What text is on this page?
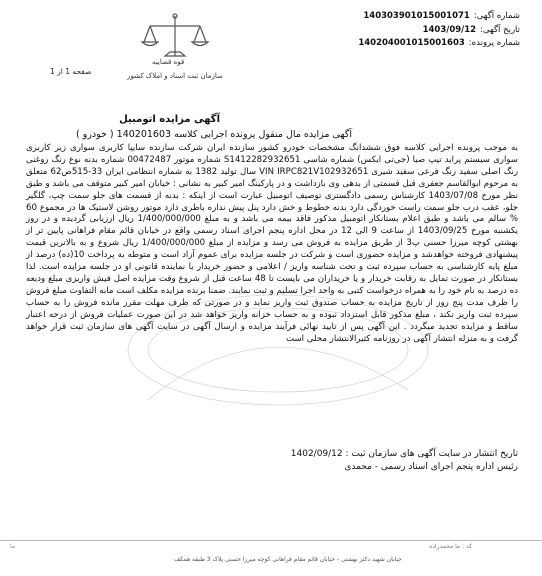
شماره آگهی:
140303901015001071
تاریخ آگهی:
1403/09/12
شماره پرونده:
140204001015001603
قوه قضاییه
سازمان ثبت اسناد و املاک کشور
صفحه 1 از 1
آگهی مزایده اتومبیل
آگهی مزایده مال منقول پرونده اجرایی کلاسه 140201603 ( خودرو )
به موجب پرونده اجرایی کلاسه فوق ششدانگ مشخصات خودرو کشور سازنده ایران شرکت سازنده سایپا کاربری سواری زیر کاربری سواری سیستم پراید تیپ صبا (جی‌تی ایکس) شماره شاسی S1412282932651 شماره موتور 00472487 شماره بدنه نوع رنگ روغنی رنگ اصلی سفید رنگ فرعی سفید شیری VIN IRPC821V102932651 سال تولید 1382 به شماره انتظامی ایران 33-515ص62 متعلق به مرحوم ابوالقاسم جعفری قبل قسمتی از بدهی وی بازداشت و در پارکینگ امیر کبیر به نشانی : خیابان امیر کبیر متوقف می باشد و طبق نظر مورخ 1403/07/08 کارشناس رسمی دادگستری توصیف اتومبیل عبارت است از اینکه : بدنه از قسمت های جلو سمت چپ، گلگیر جلو، عقب درب جلو سمت راست خوردگی دارد بدنه خطوط و خش دارد پنل پیش نداره باطری دارد موتور روشن لاستیک ها در مجموع 60 % سالم می باشد و طبق اعلام بستانکار اتومبیل مذکور فاقد بیمه می باشد و به مبلغ 1/400/000/000 ریال ارزیابی گردیده و در روز یکشنبه مورخ 1403/09/25 از ساعت 9 الی 12 در محل اداره پنجم اجرای اسناد رسمی واقع در خیابان قائم مقام فراهانی پایین تر از بهشتی کوچه میرزا حسنی پ3 از طریق مزایده به فروش می رسد و مزایده از مبلغ 1/400/000/000 ریال شروع و به بالاترین قیمت پیشنهادی فروخته خواهدشد و مزایده حضوری است و شرکت در جلسه مزایده برای عموم آزاد است و متوطه به پرداخت 10(ده) درصد از مبلغ پایه کارشناسی به حساب سپرده ثبت و تحت شناسه واریز / اعلامی و حضور خریدار یا نماینده قانونی او در جلسه مزایده است. لذا بستانکار در صورت تمایل به رقابت خریدار و یا خریداران می بایست تا 48 ساعت قبل از شروع وقت مزایده اصل فیش واریزی مبلغ ودیعه ده درصد به نام خود را به همراه درخواست کتبی به واحد اجرا تسلیم و ثبت نمایند. ضمنا برنده مزایده مکلف است مابه التفاوت مبلغ فروش را ظرف مدت پنج روز از تاریخ مزایده به حساب صندوق ثبت واریز نماید و در صورتی که ظرف مهلت مقرر مانده فروش را به حساب سپرده ثبت واریز نکند ، مبلغ مذکور قابل استرداد نبوده و به حساب خزانه واریز خواهد شد در این صورت عملیات فروش از درجه اعتبار ساقط و مزایده تجدید میگردد . این آگهی پس از تایید نهائی فرآیند مزایده و ارسال آگهی در سایت آگهی های سازمان ثبت قرار خواهد گرفت و به منزله انتشار آگهی در روزنامه کثیرالانتشار محلی است
تاریخ انتشار در سایت آگهی های سازمان ثبت : 1402/09/12
رئیس اداره پنجم اجرای اسناد رسمی - محمدی
کد : ما محمدزاده
خیابان شهید دکتر بهشتی - خیابان قائم مقام فراهانی کوچه میرزا حسنی پلاک 3 طبقه همکف
ما
